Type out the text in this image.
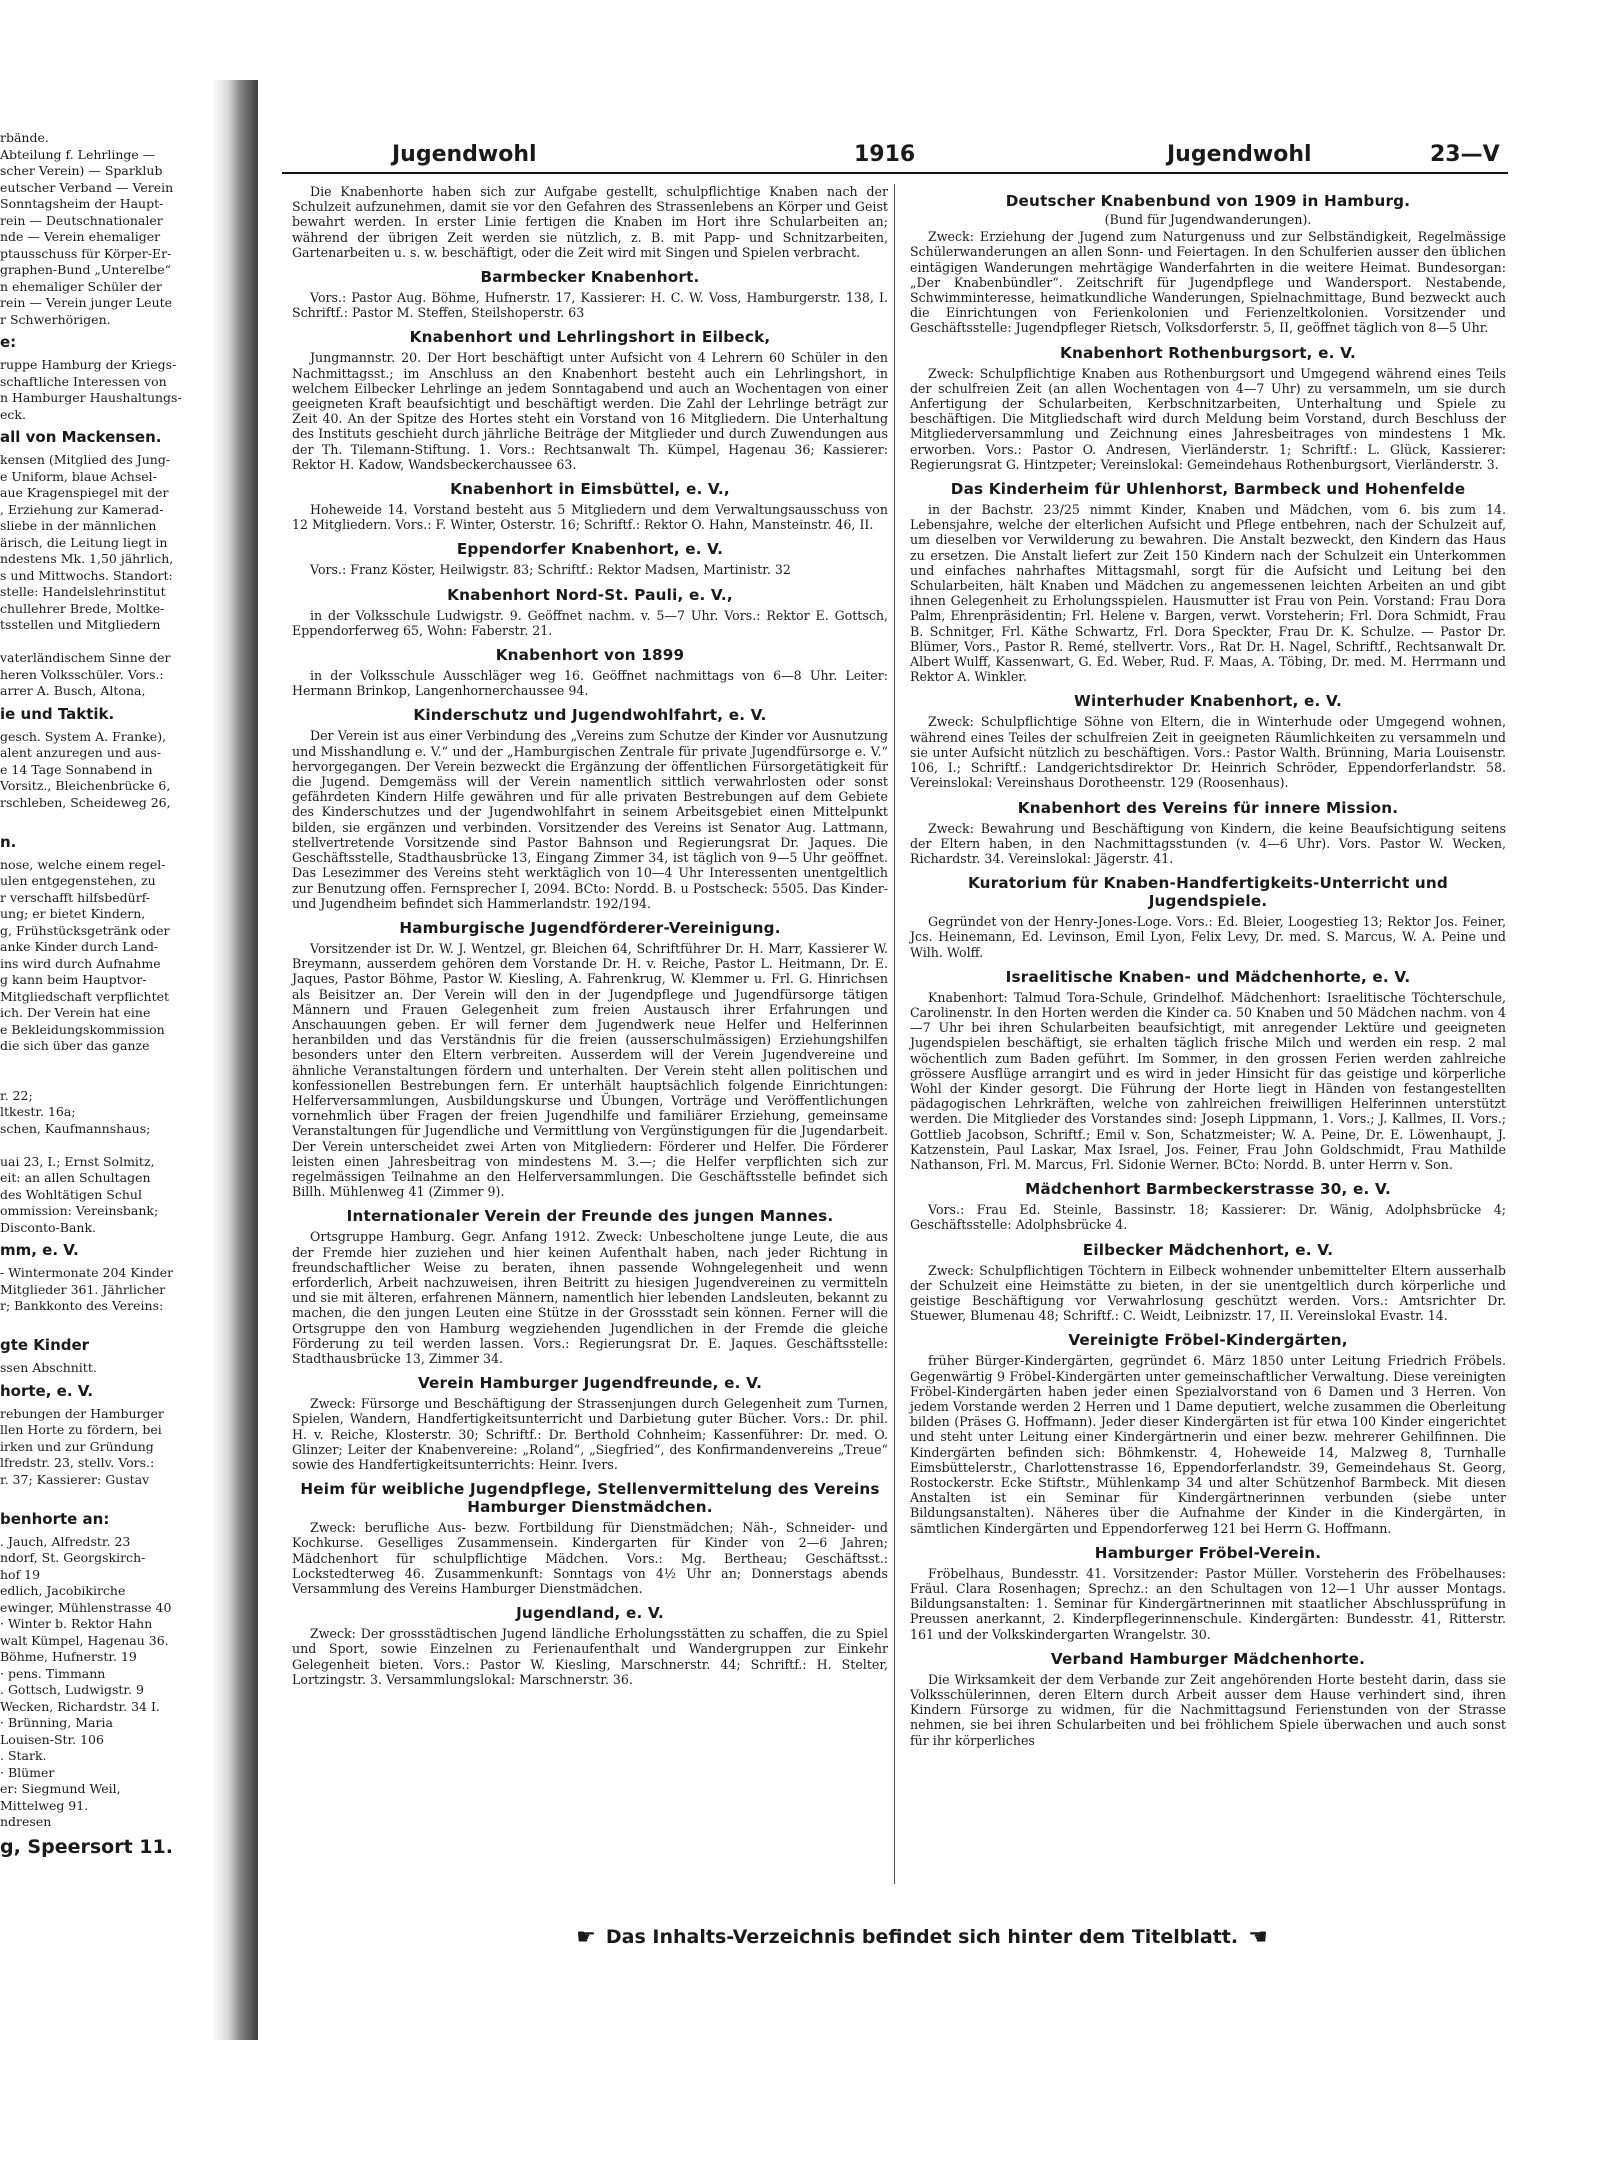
rbände.
Abteilung f. Lehrlinge —
scher Verein) — Sparklub
eutscher Verband — Verein
Sonntagsheim der Haupt-
rein — Deutschnationaler
nde — Verein ehemaliger
ptausschuss für Körper-Er-
graphen-Bund „Unterelbe“
n ehemaliger Schüler der
rein — Verein junger Leute
r Schwerhörigen.
e:
ruppe Hamburg der Kriegs-
schaftliche Interessen von
n Hamburger Haushaltungs-
eck.
all von Mackensen.
kensen (Mitglied des Jung-
e Uniform, blaue Achsel-
aue Kragenspiegel mit der
, Erziehung zur Kamerad-
sliebe in der männlichen
ärisch, die Leitung liegt in
ndestens Mk. 1,50 jährlich,
s und Mittwochs. Standort:
stelle: Handelslehrinstitut
chullehrer Brede, Moltke-
tsstellen und Mitgliedern

vaterländischem Sinne der
heren Volksschüler. Vors.:
arrer A. Busch, Altona,
ie und Taktik.
gesch. System A. Franke),
alent anzuregen und aus-
e 14 Tage Sonnabend in
Vorsitz., Bleichenbrücke 6,
rschleben, Scheideweg 26,

n.
nose, welche einem regel-
ulen entgegenstehen, zu
r verschafft hilfsbedürf-
ung; er bietet Kindern,
g, Frühstücksgetränk oder
anke Kinder durch Land-
ins wird durch Aufnahme
g kann beim Hauptvor-
Mitgliedschaft verpflichtet
ich. Der Verein hat eine
e Bekleidungskommission
die sich über das ganze

r. 22;
ltkestr. 16a;
schen, Kaufmannshaus;

uai 23, I.; Ernst Solmitz,
eit: an allen Schultagen
des Wohltätigen Schul
ommission: Vereinsbank;
Disconto-Bank.
mm, e. V.
- Wintermonate 204 Kinder
Mitglieder 361. Jährlicher
r; Bankkonto des Vereins:

gte Kinder
ssen Abschnitt.
horte, e. V.
rebungen der Hamburger
llen Horte zu fördern, bei
irken und zur Gründung
lfredstr. 23, stellv. Vors.:
r. 37; Kassierer: Gustav

benhorte an:
. Jauch, Alfredstr. 23
ndorf, St. Georgskirch-
hof 19
edlich, Jacobikirche
ewinger, Mühlenstrasse 40
· Winter b. Rektor Hahn
walt Kümpel, Hagenau 36.
Böhme, Hufnerstr. 19
· pens. Timmann
. Gottsch, Ludwigstr. 9
Wecken, Richardstr. 34 I.
· Brünning, Maria
Louisen-Str. 106
. Stark.
· Blümer
er: Siegmund Weil,
Mittelweg 91.
ndresen
g, Speersort 11.
Jugendwohl	1916	Jugendwohl	23—V

Die Knabenhorte haben sich zur Aufgabe gestellt, schulpflichtige Knaben nach der Schulzeit aufzunehmen, damit sie vor den Gefahren des Strassenlebens an Körper und Geist bewahrt werden. In erster Linie fertigen die Knaben im Hort ihre Schularbeiten an; während der übrigen Zeit werden sie nützlich, z. B. mit Papp- und Schnitzarbeiten, Gartenarbeiten u. s. w. beschäftigt, oder die Zeit wird mit Singen und Spielen verbracht.

Barmbecker Knabenhort.

Vors.: Pastor Aug. Böhme, Hufnerstr. 17, Kassierer: H. C. W. Voss, Hamburgerstr. 138, I. Schriftf.: Pastor M. Steffen, Steilshoperstr. 63

Knabenhort und Lehrlingshort in Eilbeck,

Jungmannstr. 20. Der Hort beschäftigt unter Aufsicht von 4 Lehrern 60 Schüler in den Nachmittagsst.; im Anschluss an den Knabenhort besteht auch ein Lehrlingshort, in welchem Eilbecker Lehrlinge an jedem Sonntagabend und auch an Wochentagen von einer geeigneten Kraft beaufsichtigt und beschäftigt werden. Die Zahl der Lehrlinge beträgt zur Zeit 40. An der Spitze des Hortes steht ein Vorstand von 16 Mitgliedern. Die Unterhaltung des Instituts geschieht durch jährliche Beiträge der Mitglieder und durch Zuwendungen aus der Th. Tilemann-Stiftung. 1. Vors.: Rechtsanwalt Th. Kümpel, Hagenau 36; Kassierer: Rektor H. Kadow, Wandsbeckerchaussee 63.

Knabenhort in Eimsbüttel, e. V.,

Hoheweide 14. Vorstand besteht aus 5 Mitgliedern und dem Verwaltungsausschuss von 12 Mitgliedern. Vors.: F. Winter, Osterstr. 16; Schriftf.: Rektor O. Hahn, Mansteinstr. 46, II.

Eppendorfer Knabenhort, e. V.

Vors.: Franz Köster, Heilwigstr. 83; Schriftf.: Rektor Madsen, Martinistr. 32

Knabenhort Nord-St. Pauli, e. V.,

in der Volksschule Ludwigstr. 9. Geöffnet nachm. v. 5—7 Uhr. Vors.: Rektor E. Gottsch, Eppendorferweg 65, Wohn: Faberstr. 21.

Knabenhort von 1899

in der Volksschule Ausschläger weg 16. Geöffnet nachmittags von 6—8 Uhr. Leiter: Hermann Brinkop, Langenhornerchaussee 94.

Kinderschutz und Jugendwohlfahrt, e. V.

Der Verein ist aus einer Verbindung des „Vereins zum Schutze der Kinder vor Ausnutzung und Misshandlung e. V.“ und der „Hamburgischen Zentrale für private Jugendfürsorge e. V.“ hervorgegangen. Der Verein bezweckt die Ergänzung der öffentlichen Fürsorgetätigkeit für die Jugend. Demgemäss will der Verein namentlich sittlich verwahrlosten oder sonst gefährdeten Kindern Hilfe gewähren und für alle privaten Bestrebungen auf dem Gebiete des Kinderschutzes und der Jugendwohlfahrt in seinem Arbeitsgebiet einen Mittelpunkt bilden, sie ergänzen und verbinden. Vorsitzender des Vereins ist Senator Aug. Lattmann, stellvertretende Vorsitzende sind Pastor Bahnson und Regierungsrat Dr. Jaques. Die Geschäftsstelle, Stadthausbrücke 13, Eingang Zimmer 34, ist täglich von 9—5 Uhr geöffnet. Das Lesezimmer des Vereins steht werktäglich von 10—4 Uhr Interessenten unentgeltlich zur Benutzung offen. Fernsprecher I, 2094. BCto: Nordd. B. u Postscheck: 5505. Das Kinder- und Jugendheim befindet sich Hammerlandstr. 192/194.

Hamburgische Jugendförderer-Vereinigung.

Vorsitzender ist Dr. W. J. Wentzel, gr. Bleichen 64, Schriftführer Dr. H. Marr, Kassierer W. Breymann, ausserdem gehören dem Vorstande Dr. H. v. Reiche, Pastor L. Heitmann, Dr. E. Jaques, Pastor Böhme, Pastor W. Kiesling, A. Fahrenkrug, W. Klemmer u. Frl. G. Hinrichsen als Beisitzer an. Der Verein will den in der Jugendpflege und Jugendfürsorge tätigen Männern und Frauen Gelegenheit zum freien Austausch ihrer Erfahrungen und Anschauungen geben. Er will ferner dem Jugendwerk neue Helfer und Helferinnen heranbilden und das Verständnis für die freien (ausserschulmässigen) Erziehungshilfen besonders unter den Eltern verbreiten. Ausserdem will der Verein Jugendvereine und ähnliche Veranstaltungen fördern und unterhalten. Der Verein steht allen politischen und konfessionellen Bestrebungen fern. Er unterhält hauptsächlich folgende Einrichtungen: Helferversammlungen, Ausbildungskurse und Übungen, Vorträge und Veröffentlichungen vornehmlich über Fragen der freien Jugendhilfe und familiärer Erziehung, gemeinsame Veranstaltungen für Jugendliche und Vermittlung von Vergünstigungen für die Jugendarbeit. Der Verein unterscheidet zwei Arten von Mitgliedern: Förderer und Helfer. Die Förderer leisten einen Jahresbeitrag von mindestens M. 3.—; die Helfer verpflichten sich zur regelmässigen Teilnahme an den Helferversammlungen. Die Geschäftsstelle befindet sich Billh. Mühlenweg 41 (Zimmer 9).

Internationaler Verein der Freunde des jungen Mannes.

Ortsgruppe Hamburg. Gegr. Anfang 1912. Zweck: Unbescholtene junge Leute, die aus der Fremde hier zuziehen und hier keinen Aufenthalt haben, nach jeder Richtung in freundschaftlicher Weise zu beraten, ihnen passende Wohngelegenheit und wenn erforderlich, Arbeit nachzuweisen, ihren Beitritt zu hiesigen Jugendvereinen zu vermitteln und sie mit älteren, erfahrenen Männern, namentlich hier lebenden Landsleuten, bekannt zu machen, die den jungen Leuten eine Stütze in der Grossstadt sein können. Ferner will die Ortsgruppe den von Hamburg wegziehenden Jugendlichen in der Fremde die gleiche Förderung zu teil werden lassen. Vors.: Regierungsrat Dr. E. Jaques. Geschäftsstelle: Stadthausbrücke 13, Zimmer 34.

Verein Hamburger Jugendfreunde, e. V.

Zweck: Fürsorge und Beschäftigung der Strassenjungen durch Gelegenheit zum Turnen, Spielen, Wandern, Handfertigkeitsunterricht und Darbietung guter Bücher. Vors.: Dr. phil. H. v. Reiche, Klosterstr. 30; Schriftf.: Dr. Berthold Cohnheim; Kassenführer: Dr. med. O. Glinzer; Leiter der Knabenvereine: „Roland“, „Siegfried“, des Konfirmandenvereins „Treue“ sowie des Handfertigkeitsunterrichts: Heinr. Ivers.

Heim für weibliche Jugendpflege, Stellenvermittelung des Vereins Hamburger Dienstmädchen.

Zweck: berufliche Aus- bezw. Fortbildung für Dienstmädchen; Näh-, Schneider- und Kochkurse. Geselliges Zusammensein. Kindergarten für Kinder von 2—6 Jahren; Mädchenhort für schulpflichtige Mädchen. Vors.: Mg. Bertheau; Geschäftsst.: Lockstedterweg 46. Zusammenkunft: Sonntags von 4½ Uhr an; Donnerstags abends Versammlung des Vereins Hamburger Dienstmädchen.

Jugendland, e. V.

Zweck: Der grossstädtischen Jugend ländliche Erholungsstätten zu schaffen, die zu Spiel und Sport, sowie Einzelnen zu Ferienaufenthalt und Wandergruppen zur Einkehr Gelegenheit bieten. Vors.: Pastor W. Kiesling, Marschnerstr. 44; Schriftf.: H. Stelter, Lortzingstr. 3. Versammlungslokal: Marschnerstr. 36.

Deutscher Knabenbund von 1909 in Hamburg.
(Bund für Jugendwanderungen).

Zweck: Erziehung der Jugend zum Naturgenuss und zur Selbständigkeit, Regelmässige Schülerwanderungen an allen Sonn- und Feiertagen. In den Schulferien ausser den üblichen eintägigen Wanderungen mehrtägige Wanderfahrten in die weitere Heimat. Bundesorgan: „Der Knabenbündler“. Zeitschrift für Jugendpflege und Wandersport. Nestabende, Schwimminteresse, heimatkundliche Wanderungen, Spielnachmittage, Bund bezweckt auch die Einrichtungen von Ferienkolonien und Ferienzeltkolonien. Vorsitzender und Geschäftsstelle: Jugendpfleger Rietsch, Volksdorferstr. 5, II, geöffnet täglich von 8—5 Uhr.

Knabenhort Rothenburgsort, e. V.

Zweck: Schulpflichtige Knaben aus Rothenburgsort und Umgegend während eines Teils der schulfreien Zeit (an allen Wochentagen von 4—7 Uhr) zu versammeln, um sie durch Anfertigung der Schularbeiten, Kerbschnitzarbeiten, Unterhaltung und Spiele zu beschäftigen. Die Mitgliedschaft wird durch Meldung beim Vorstand, durch Beschluss der Mitgliederversammlung und Zeichnung eines Jahresbeitrages von mindestens 1 Mk. erworben. Vors.: Pastor O. Andresen, Vierländerstr. 1; Schriftf.: L. Glück, Kassierer: Regierungsrat G. Hintzpeter; Vereinslokal: Gemeindehaus Rothenburgsort, Vierländerstr. 3.

Das Kinderheim für Uhlenhorst, Barmbeck und Hohenfelde

in der Bachstr. 23/25 nimmt Kinder, Knaben und Mädchen, vom 6. bis zum 14. Lebensjahre, welche der elterlichen Aufsicht und Pflege entbehren, nach der Schulzeit auf, um dieselben vor Verwilderung zu bewahren. Die Anstalt bezweckt, den Kindern das Haus zu ersetzen. Die Anstalt liefert zur Zeit 150 Kindern nach der Schulzeit ein Unterkommen und einfaches nahrhaftes Mittagsmahl, sorgt für die Aufsicht und Leitung bei den Schularbeiten, hält Knaben und Mädchen zu angemessenen leichten Arbeiten an und gibt ihnen Gelegenheit zu Erholungsspielen. Hausmutter ist Frau von Pein. Vorstand: Frau Dora Palm, Ehrenpräsidentin; Frl. Helene v. Bargen, verwt. Vorsteherin; Frl. Dora Schmidt, Frau B. Schnitger, Frl. Käthe Schwartz, Frl. Dora Speckter, Frau Dr. K. Schulze. — Pastor Dr. Blümer, Vors., Pastor R. Remé, stellvertr. Vors., Rat Dr. H. Nagel, Schriftf., Rechtsanwalt Dr. Albert Wulff, Kassenwart, G. Ed. Weber, Rud. F. Maas, A. Töbing, Dr. med. M. Herrmann und Rektor A. Winkler.

Winterhuder Knabenhort, e. V.

Zweck: Schulpflichtige Söhne von Eltern, die in Winterhude oder Umgegend wohnen, während eines Teiles der schulfreien Zeit in geeigneten Räumlichkeiten zu versammeln und sie unter Aufsicht nützlich zu beschäftigen. Vors.: Pastor Walth. Brünning, Maria Louisenstr. 106, I.; Schriftf.: Landgerichtsdirektor Dr. Heinrich Schröder, Eppendorferlandstr. 58. Vereinslokal: Vereinshaus Dorotheenstr. 129 (Roosenhaus).

Knabenhort des Vereins für innere Mission.

Zweck: Bewahrung und Beschäftigung von Kindern, die keine Beaufsichtigung seitens der Eltern haben, in den Nachmittagsstunden (v. 4—6 Uhr). Vors. Pastor W. Wecken, Richardstr. 34. Vereinslokal: Jägerstr. 41.

Kuratorium für Knaben-Handfertigkeits-Unterricht und Jugendspiele.

Gegründet von der Henry-Jones-Loge. Vors.: Ed. Bleier, Loogestieg 13; Rektor Jos. Feiner, Jcs. Heinemann, Ed. Levinson, Emil Lyon, Felix Levy, Dr. med. S. Marcus, W. A. Peine und Wilh. Wolff.

Israelitische Knaben- und Mädchenhorte, e. V.

Knabenhort: Talmud Tora-Schule, Grindelhof. Mädchenhort: Israelitische Töchterschule, Carolinenstr. In den Horten werden die Kinder ca. 50 Knaben und 50 Mädchen nachm. von 4—7 Uhr bei ihren Schularbeiten beaufsichtigt, mit anregender Lektüre und geeigneten Jugendspielen beschäftigt, sie erhalten täglich frische Milch und werden ein resp. 2 mal wöchentlich zum Baden geführt. Im Sommer, in den grossen Ferien werden zahlreiche grössere Ausflüge arrangirt und es wird in jeder Hinsicht für das geistige und körperliche Wohl der Kinder gesorgt. Die Führung der Horte liegt in Händen von festangestellten pädagogischen Lehrkräften, welche von zahlreichen freiwilligen Helferinnen unterstützt werden. Die Mitglieder des Vorstandes sind: Joseph Lippmann, 1. Vors.; J. Kallmes, II. Vors.; Gottlieb Jacobson, Schriftf.; Emil v. Son, Schatzmeister; W. A. Peine, Dr. E. Löwenhaupt, J. Katzenstein, Paul Laskar, Max Israel, Jos. Feiner, Frau John Goldschmidt, Frau Mathilde Nathanson, Frl. M. Marcus, Frl. Sidonie Werner. BCto: Nordd. B. unter Herrn v. Son.

Mädchenhort Barmbeckerstrasse 30, e. V.

Vors.: Frau Ed. Steinle, Bassinstr. 18; Kassierer: Dr. Wänig, Adolphsbrücke 4; Geschäftsstelle: Adolphsbrücke 4.

Eilbecker Mädchenhort, e. V.

Zweck: Schulpflichtigen Töchtern in Eilbeck wohnender unbemittelter Eltern ausserhalb der Schulzeit eine Heimstätte zu bieten, in der sie unentgeltlich durch körperliche und geistige Beschäftigung vor Verwahrlosung geschützt werden. Vors.: Amtsrichter Dr. Stuewer, Blumenau 48; Schriftf.: C. Weidt, Leibnizstr. 17, II. Vereinslokal Evastr. 14.

Vereinigte Fröbel-Kindergärten,

früher Bürger-Kindergärten, gegründet 6. März 1850 unter Leitung Friedrich Fröbels. Gegenwärtig 9 Fröbel-Kindergärten unter gemeinschaftlicher Verwaltung. Diese vereinigten Fröbel-Kindergärten haben jeder einen Spezialvorstand von 6 Damen und 3 Herren. Von jedem Vorstande werden 2 Herren und 1 Dame deputiert, welche zusammen die Oberleitung bilden (Präses G. Hoffmann). Jeder dieser Kindergärten ist für etwa 100 Kinder eingerichtet und steht unter Leitung einer Kindergärtnerin und einer bezw. mehrerer Gehilfinnen. Die Kindergärten befinden sich: Böhmkenstr. 4, Hoheweide 14, Malzweg 8, Turnhalle Eimsbüttelerstr., Charlottenstrasse 16, Eppendorferlandstr. 39, Gemeindehaus St. Georg, Rostockerstr. Ecke Stiftstr., Mühlenkamp 34 und alter Schützenhof Barmbeck. Mit diesen Anstalten ist ein Seminar für Kindergärtnerinnen verbunden (siebe unter Bildungsanstalten). Näheres über die Aufnahme der Kinder in die Kindergärten, in sämtlichen Kindergärten und Eppendorferweg 121 bei Herrn G. Hoffmann.

Hamburger Fröbel-Verein.

Fröbelhaus, Bundesstr. 41. Vorsitzender: Pastor Müller. Vorsteherin des Fröbelhauses: Fräul. Clara Rosenhagen; Sprechz.: an den Schultagen von 12—1 Uhr ausser Montags. Bildungsanstalten: 1. Seminar für Kindergärtnerinnen mit staatlicher Abschlussprüfung in Preussen anerkannt, 2. Kinderpflegerinnenschule. Kindergärten: Bundesstr. 41, Ritterstr. 161 und der Volkskindergarten Wrangelstr. 30.

Verband Hamburger Mädchenhorte.

Die Wirksamkeit der dem Verbande zur Zeit angehörenden Horte besteht darin, dass sie Volksschülerinnen, deren Eltern durch Arbeit ausser dem Hause verhindert sind, ihren Kindern Fürsorge zu widmen, für die Nachmittagsund Ferienstunden von der Strasse nehmen, sie bei ihren Schularbeiten und bei fröhlichem Spiele überwachen und auch sonst für ihr körperliches

☛ Das Inhalts-Verzeichnis befindet sich hinter dem Titelblatt. ☚
